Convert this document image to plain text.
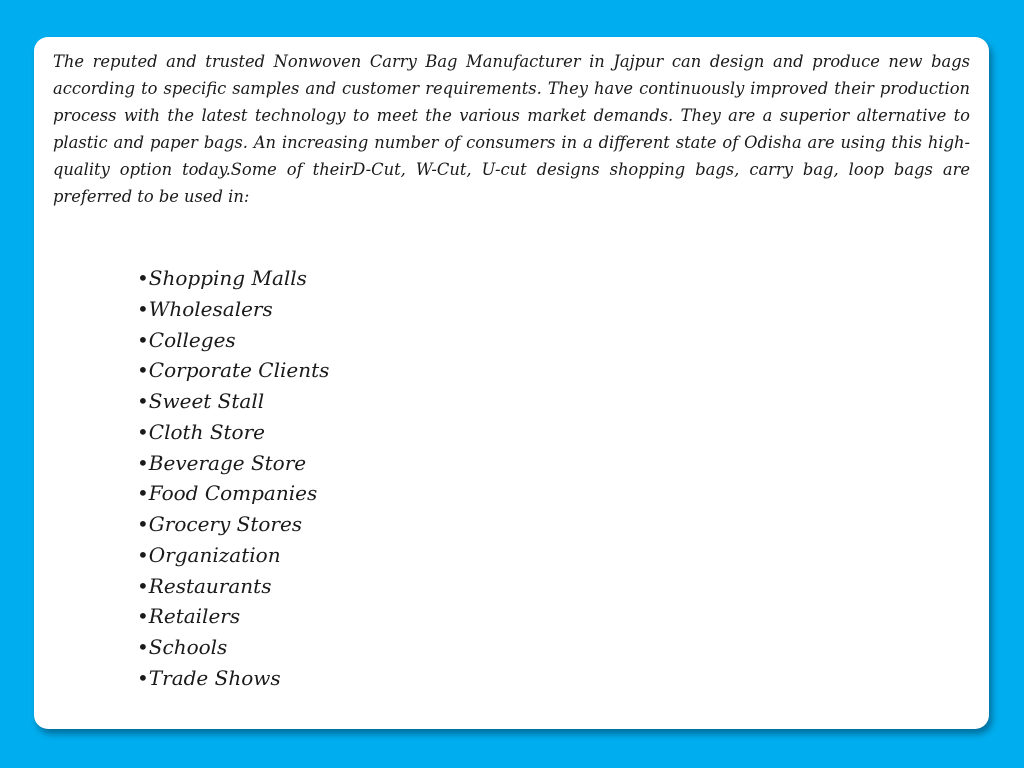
The reputed and trusted Nonwoven Carry Bag Manufacturer in Jajpur can design and produce new bags according to specific samples and customer requirements. They have continuously improved their production process with the latest technology to meet the various market demands. They are a superior alternative to plastic and paper bags. An increasing number of consumers in a different state of Odisha are using this high-quality option today.Some of theirD-Cut, W-Cut, U-cut designs shopping bags, carry bag, loop bags are preferred to be used in:

•Shopping Malls
•Wholesalers
•Colleges
•Corporate Clients
•Sweet Stall
•Cloth Store
•Beverage Store
•Food Companies
•Grocery Stores
•Organization
•Restaurants
•Retailers
•Schools
•Trade Shows
